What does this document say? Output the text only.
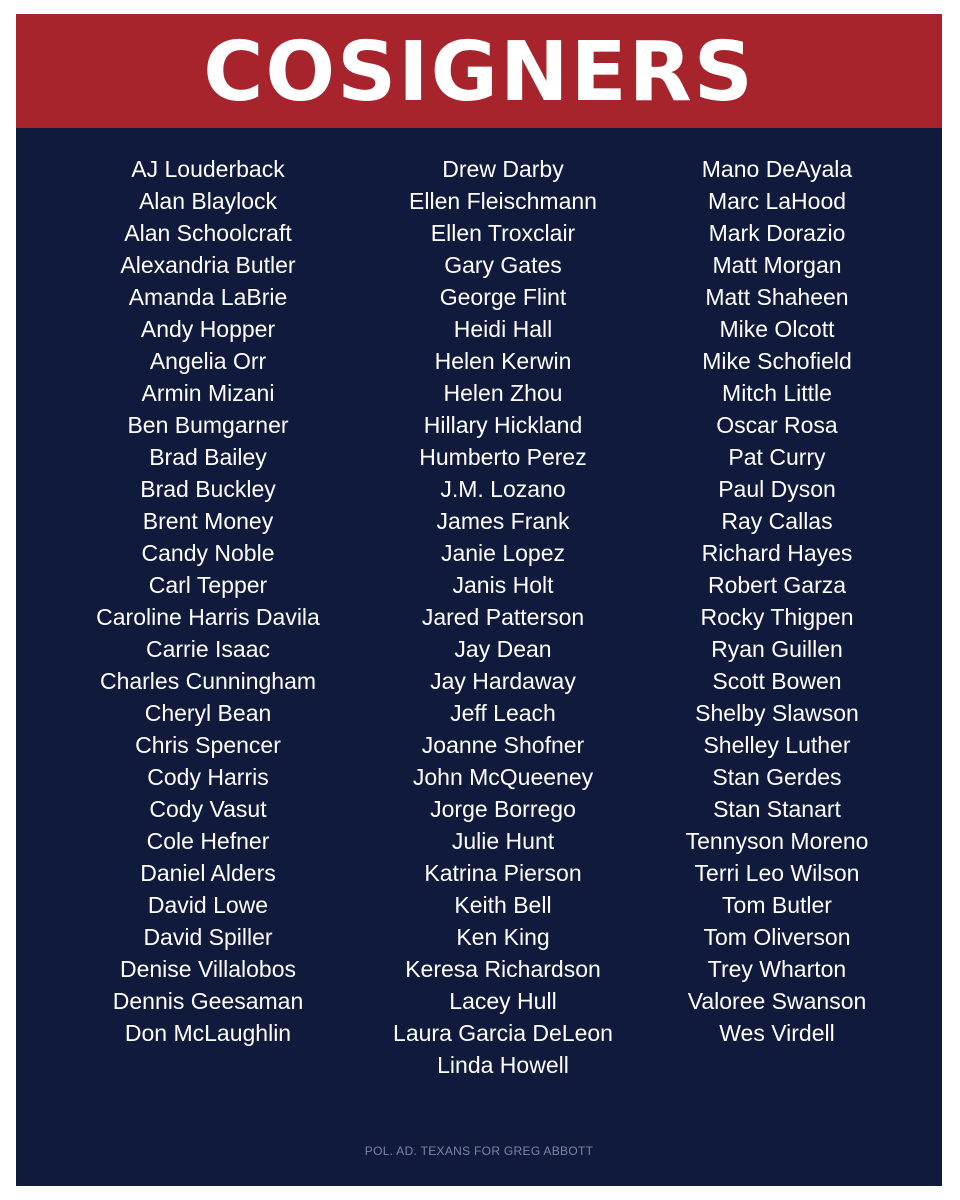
COSIGNERS
AJ Louderback
Alan Blaylock
Alan Schoolcraft
Alexandria Butler
Amanda LaBrie
Andy Hopper
Angelia Orr
Armin Mizani
Ben Bumgarner
Brad Bailey
Brad Buckley
Brent Money
Candy Noble
Carl Tepper
Caroline Harris Davila
Carrie Isaac
Charles Cunningham
Cheryl Bean
Chris Spencer
Cody Harris
Cody Vasut
Cole Hefner
Daniel Alders
David Lowe
David Spiller
Denise Villalobos
Dennis Geesaman
Don McLaughlin
Drew Darby
Ellen Fleischmann
Ellen Troxclair
Gary Gates
George Flint
Heidi Hall
Helen Kerwin
Helen Zhou
Hillary Hickland
Humberto Perez
J.M. Lozano
James Frank
Janie Lopez
Janis Holt
Jared Patterson
Jay Dean
Jay Hardaway
Jeff Leach
Joanne Shofner
John McQueeney
Jorge Borrego
Julie Hunt
Katrina Pierson
Keith Bell
Ken King
Keresa Richardson
Lacey Hull
Laura Garcia DeLeon
Linda Howell
Mano DeAyala
Marc LaHood
Mark Dorazio
Matt Morgan
Matt Shaheen
Mike Olcott
Mike Schofield
Mitch Little
Oscar Rosa
Pat Curry
Paul Dyson
Ray Callas
Richard Hayes
Robert Garza
Rocky Thigpen
Ryan Guillen
Scott Bowen
Shelby Slawson
Shelley Luther
Stan Gerdes
Stan Stanart
Tennyson Moreno
Terri Leo Wilson
Tom Butler
Tom Oliverson
Trey Wharton
Valoree Swanson
Wes Virdell
POL. AD. TEXANS FOR GREG ABBOTT
